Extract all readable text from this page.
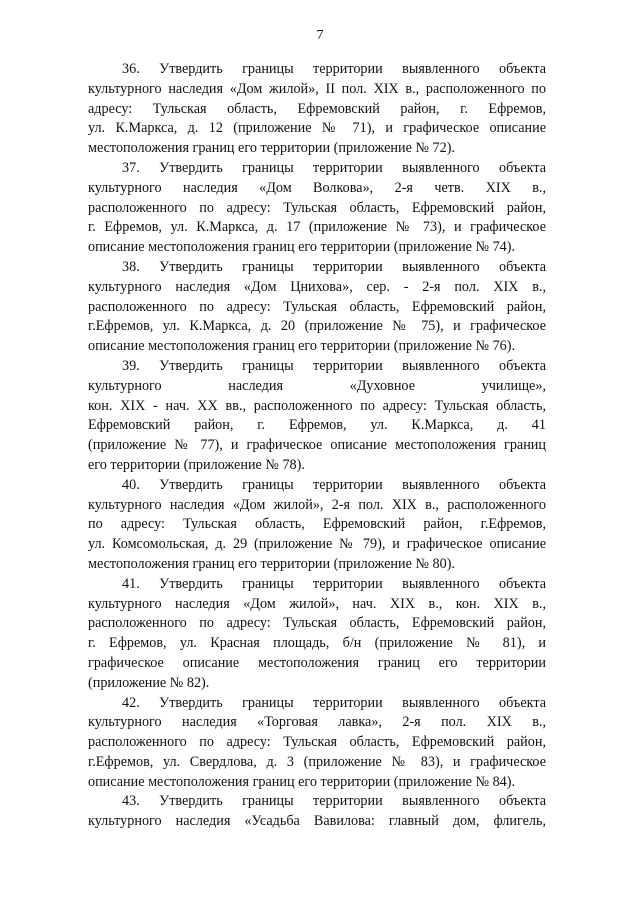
7
36. Утвердить границы территории выявленного объекта
культурного наследия «Дом жилой», II пол. XIX в., расположенного по
адресу: Тульская область, Ефремовский район, г. Ефремов,
ул. К.Маркса, д. 12 (приложение № 71), и графическое описание
местоположения границ его территории (приложение № 72).
37. Утвердить границы территории выявленного объекта
культурного наследия «Дом Волкова», 2-я четв. XIX в.,
расположенного по адресу: Тульская область, Ефремовский район,
г. Ефремов, ул. К.Маркса, д. 17 (приложение № 73), и графическое
описание местоположения границ его территории (приложение № 74).
38. Утвердить границы территории выявленного объекта
культурного наследия «Дом Цнихова», сер. - 2-я пол. XIX в.,
расположенного по адресу: Тульская область, Ефремовский район,
г.Ефремов, ул. К.Маркса, д. 20 (приложение № 75), и графическое
описание местоположения границ его территории (приложение № 76).
39. Утвердить границы территории выявленного объекта
культурного наследия «Духовное училище»,
кон. XIX - нач. XX вв., расположенного по адресу: Тульская область,
Ефремовский район, г. Ефремов, ул. К.Маркса, д. 41
(приложение № 77), и графическое описание местоположения границ
его территории (приложение № 78).
40. Утвердить границы территории выявленного объекта
культурного наследия «Дом жилой», 2-я пол. XIX в., расположенного
по адресу: Тульская область, Ефремовский район, г.Ефремов,
ул. Комсомольская, д. 29 (приложение № 79), и графическое описание
местоположения границ его территории (приложение № 80).
41. Утвердить границы территории выявленного объекта
культурного наследия «Дом жилой», нач. XIX в., кон. XIX в.,
расположенного по адресу: Тульская область, Ефремовский район,
г. Ефремов, ул. Красная площадь, б/н (приложение № 81), и
графическое описание местоположения границ его территории
(приложение № 82).
42. Утвердить границы территории выявленного объекта
культурного наследия «Торговая лавка», 2-я пол. XIX в.,
расположенного по адресу: Тульская область, Ефремовский район,
г.Ефремов, ул. Свердлова, д. 3 (приложение № 83), и графическое
описание местоположения границ его территории (приложение № 84).
43. Утвердить границы территории выявленного объекта
культурного наследия «Усадьба Вавилова: главный дом, флигель,
